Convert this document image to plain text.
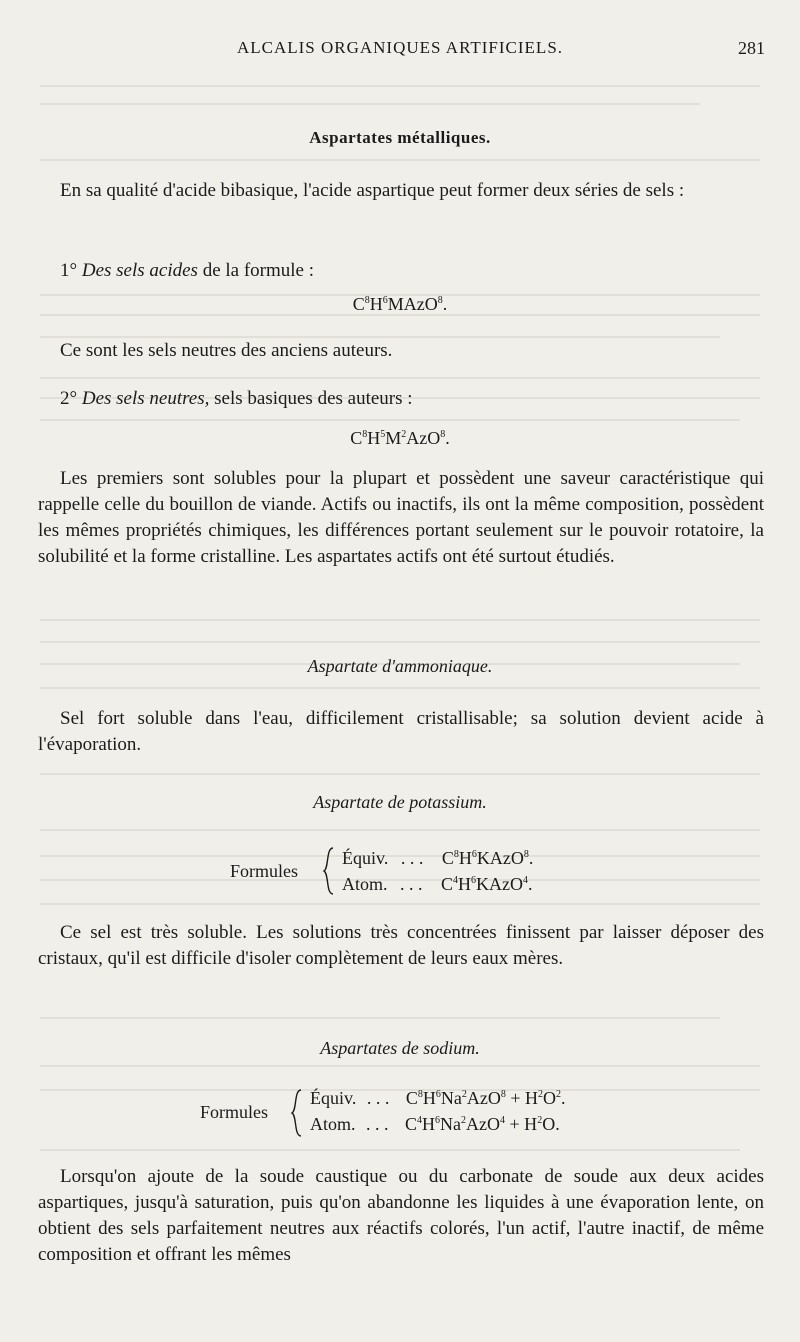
ALCALIS ORGANIQUES ARTIFICIELS.	281
Aspartates métalliques.
En sa qualité d'acide bibasique, l'acide aspartique peut former deux séries de sels :
1° Des sels acides de la formule :
$C^8H^6MAzO^8$.
Ce sont les sels neutres des anciens auteurs.
2° Des sels neutres, sels basiques des auteurs :
$C^8H^5M^2AzO^8$.
Les premiers sont solubles pour la plupart et possèdent une saveur caractéristique qui rappelle celle du bouillon de viande. Actifs ou inactifs, ils ont la même composition, possèdent les mêmes propriétés chimiques, les différences portant seulement sur le pouvoir rotatoire, la solubilité et la forme cristalline. Les aspartates actifs ont été surtout étudiés.
Aspartate d'ammoniaque.
Sel fort soluble dans l'eau, difficilement cristallisable; sa solution devient acide à l'évaporation.
Aspartate de potassium.
Formules
Équiv. . . . $C^8H^6KAzO^8$.
Atom. . . . $C^4H^6KAzO^4$.
Ce sel est très soluble. Les solutions très concentrées finissent par laisser déposer des cristaux, qu'il est difficile d'isoler complètement de leurs eaux mères.
Aspartates de sodium.
Formules
Équiv. . . . $C^8H^6Na^2AzO^8 + H^2O^2$.
Atom. . . . $C^4H^6Na^2AzO^4 + H^2O$.
Lorsqu'on ajoute de la soude caustique ou du carbonate de soude aux deux acides aspartiques, jusqu'à saturation, puis qu'on abandonne les liquides à une évaporation lente, on obtient des sels parfaitement neutres aux réactifs colorés, l'un actif, l'autre inactif, de même composition et offrant les mêmes
